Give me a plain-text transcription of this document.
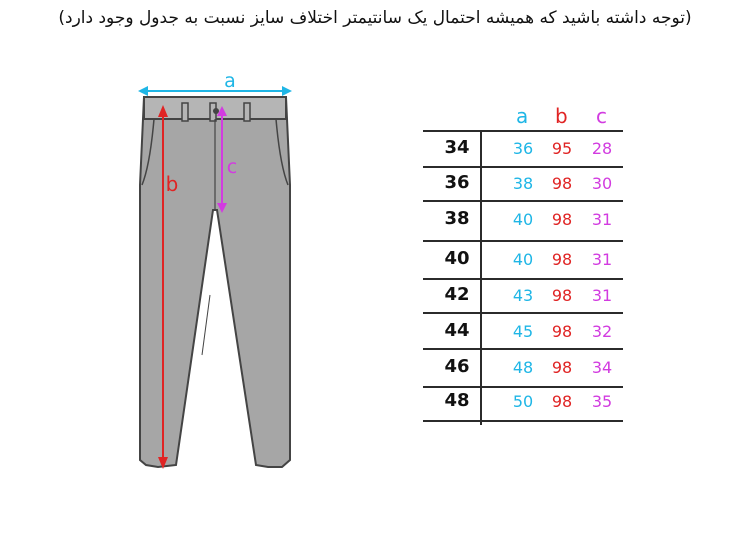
(توجه داشته باشید که همیشه احتمال یک سانتیمتر اختلاف سایز نسبت به جدول وجود دارد)
a
b
c
a b c
34	36	95	28
36	38	98	30
38	40	98	31
40	40	98	31
42	43	98	31
44	45	98	32
46	48	98	34
48	50	98	35
